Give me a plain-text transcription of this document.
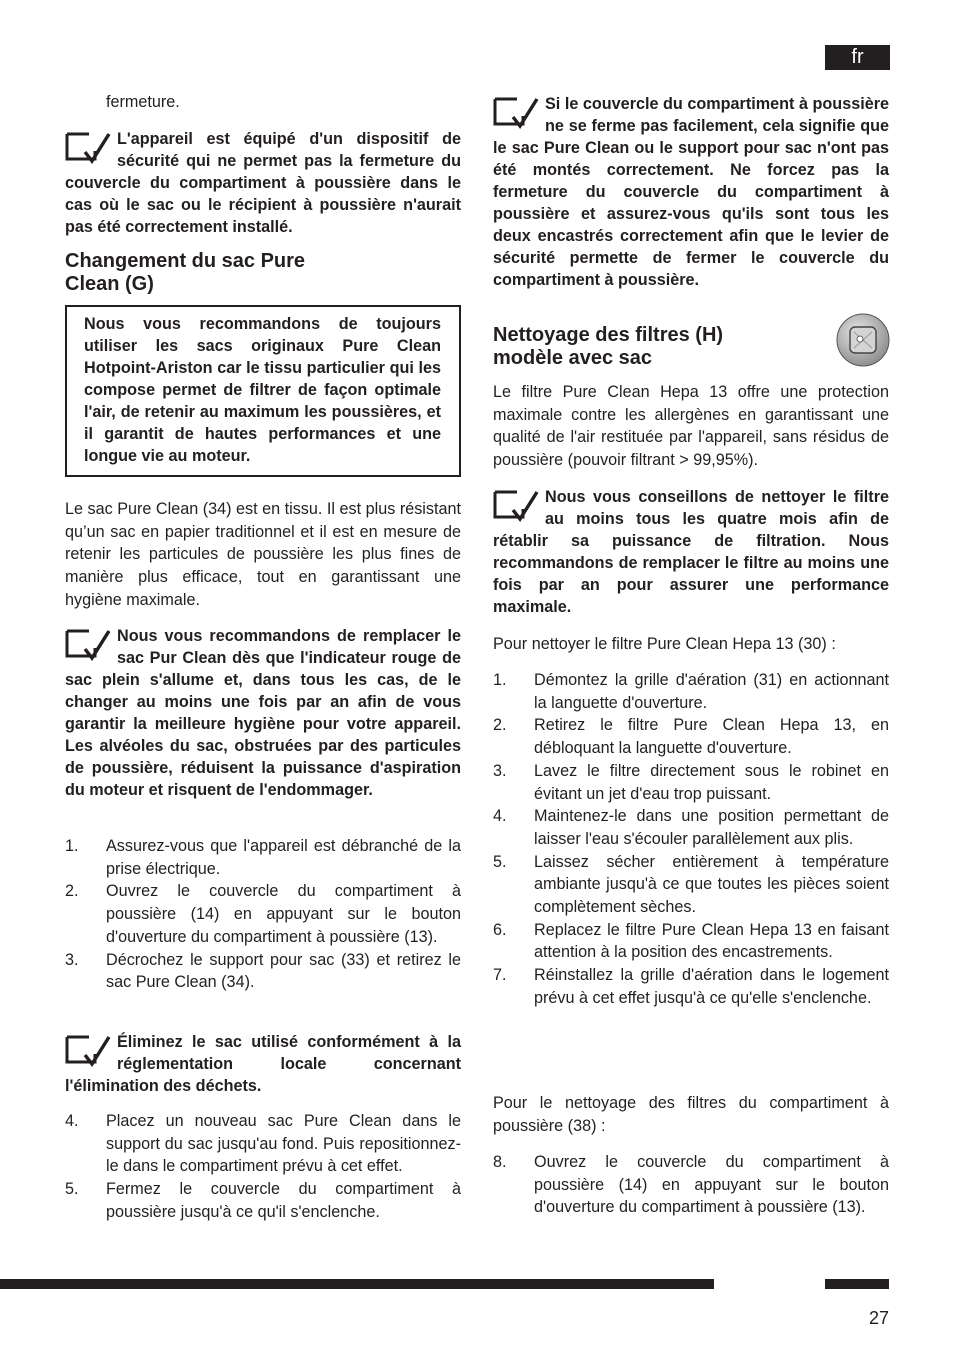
fr

fermeture.

L'appareil est équipé d'un dispositif de sécurité qui ne permet pas la fermeture du couvercle du compartiment à poussière dans le cas où le sac ou le récipient à poussière n'aurait pas été correctement installé.
Changement du sac Pure
Clean (G)
Nous vous recommandons de toujours utiliser les sacs originaux Pure Clean Hotpoint-Ariston car le tissu particulier qui les compose permet de filtrer de façon optimale l'air, de retenir au maximum les poussières, et il garantit de hautes performances et une longue vie au moteur.

Le sac Pure Clean (34) est en tissu. Il est plus résistant qu’un sac en papier traditionnel et il est en mesure de retenir les particules de poussière les plus fines de manière plus efficace, tout en garantissant une hygiène maximale.

Nous vous recommandons de remplacer le sac Pur Clean dès que l'indicateur rouge de sac plein s'allume et, dans tous les cas, de le changer au moins une fois par an afin de vous garantir la meilleure hygiène pour votre appareil. Les alvéoles du sac, obstruées par des particules de poussière, réduisent la puissance d'aspiration du moteur et risquent de l'endommager.
1. Assurez-vous que l'appareil est débranché de la prise électrique.
2. Ouvrez le couvercle du compartiment à poussière (14) en appuyant sur le bouton d'ouverture du compartiment à poussière (13).
3. Décrochez le support pour sac (33) et retirez le sac Pure Clean (34).
Éliminez le sac utilisé conformément à la réglementation locale concernant l'élimination des déchets.
4. Placez un nouveau sac Pure Clean dans le support du sac jusqu'au fond. Puis repositionnez-le dans le compartiment prévu à cet effet.
5. Fermez le couvercle du compartiment à poussière jusqu'à ce qu'il s'enclenche.
Si le couvercle du compartiment à poussière ne se ferme pas facilement, cela signifie que le sac Pure Clean ou le support pour sac n'ont pas été montés correctement. Ne forcez pas la fermeture du couvercle du compartiment à poussière et assurez-vous qu'ils sont tous les deux encastrés correctement afin que le levier de sécurité permette de fermer le couvercle du compartiment à poussière.
Nettoyage des filtres (H)
modèle avec sac

Le filtre Pure Clean Hepa 13 offre une protection maximale contre les allergènes en garantissant une qualité de l'air restituée par l'appareil, sans résidus de poussière (pouvoir filtrant > 99,95%).

Nous vous conseillons de nettoyer le filtre au moins tous les quatre mois afin de rétablir sa puissance de filtration. Nous recommandons de remplacer le filtre au moins une fois par an pour assurer une performance maximale.

Pour nettoyer le filtre Pure Clean Hepa 13 (30) :

1. Démontez la grille d'aération (31) en actionnant la languette d'ouverture.
2. Retirez le filtre Pure Clean Hepa 13, en débloquant la languette d'ouverture.
3. Lavez le filtre directement sous le robinet en évitant un jet d'eau trop puissant.
4. Maintenez-le dans une position permettant de laisser l'eau s'écouler parallèlement aux plis.
5. Laissez sécher entièrement à température ambiante jusqu'à ce que toutes les pièces soient complètement sèches.
6. Replacez le filtre Pure Clean Hepa 13 en faisant attention à la position des encastrements.
7. Réinstallez la grille d'aération dans le logement prévu à cet effet jusqu'à ce qu'elle s'enclenche.

Pour le nettoyage des filtres du compartiment à poussière (38) :

8. Ouvrez le couvercle du compartiment à poussière (14) en appuyant sur le bouton d'ouverture du compartiment à poussière (13).
27
